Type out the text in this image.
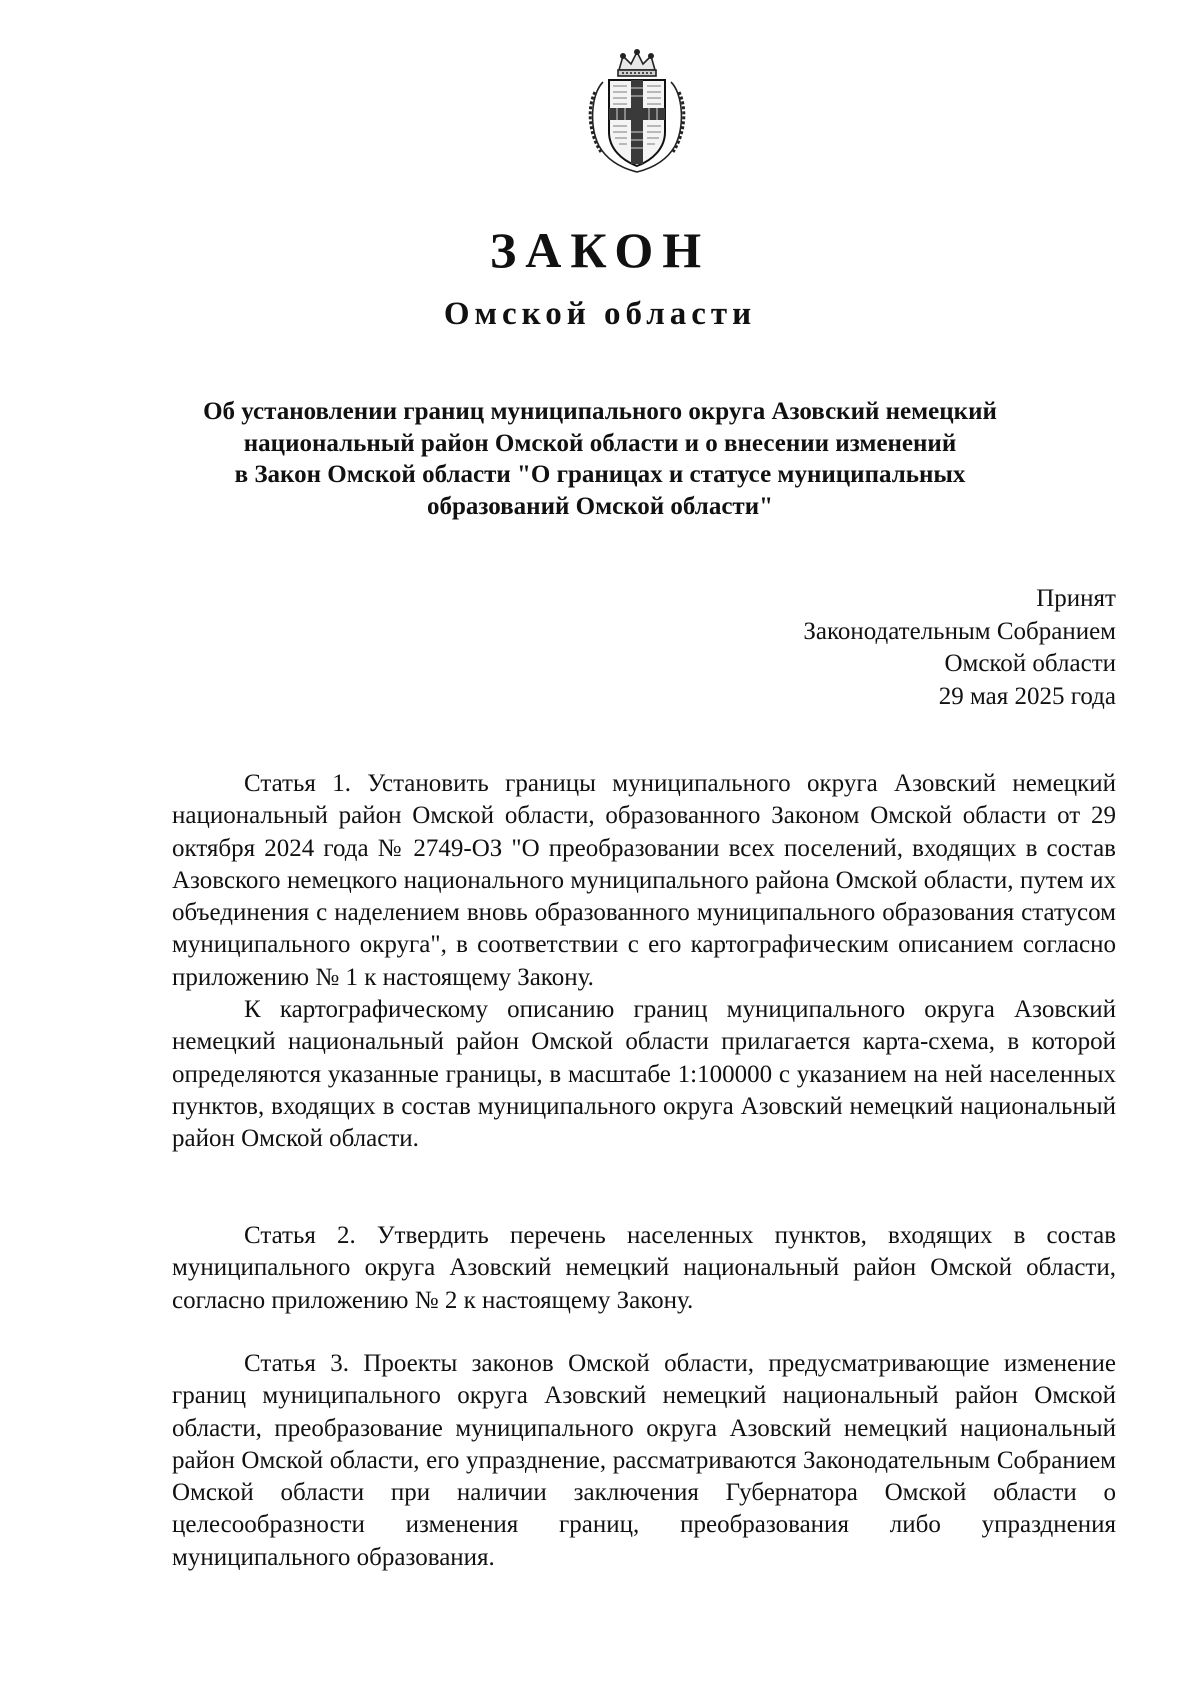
ЗАКОН
Омской области
Об установлении границ муниципального округа Азовский немецкий
национальный район Омской области и о внесении изменений
в Закон Омской области "О границах и статусе муниципальных
образований Омской области"
Принят
Законодательным Собранием
Омской области
29 мая 2025 года

Статья 1. Установить границы муниципального округа Азовский немецкий национальный район Омской области, образованного Законом Омской области от 29 октября 2024 года № 2749-ОЗ "О преобразовании всех поселений, входящих в состав Азовского немецкого национального муниципального района Омской области, путем их объединения с наделением вновь образованного муниципального образования статусом муниципального округа", в соответствии с его картографическим описанием согласно приложению № 1 к настоящему Закону.

К картографическому описанию границ муниципального округа Азовский немецкий национальный район Омской области прилагается карта-схема, в которой определяются указанные границы, в масштабе 1:100000 с указанием на ней населенных пунктов, входящих в состав муниципального округа Азовский немецкий национальный район Омской области.

Статья 2. Утвердить перечень населенных пунктов, входящих в состав муниципального округа Азовский немецкий национальный район Омской области, согласно приложению № 2 к настоящему Закону.

Статья 3. Проекты законов Омской области, предусматривающие изменение границ муниципального округа Азовский немецкий национальный район Омской области, преобразование муниципального округа Азовский немецкий национальный район Омской области, его упразднение, рассматриваются Законодательным Собранием Омской области при наличии заключения Губернатора Омской области о целесообразности изменения границ, преобразования либо упразднения муниципального образования.
